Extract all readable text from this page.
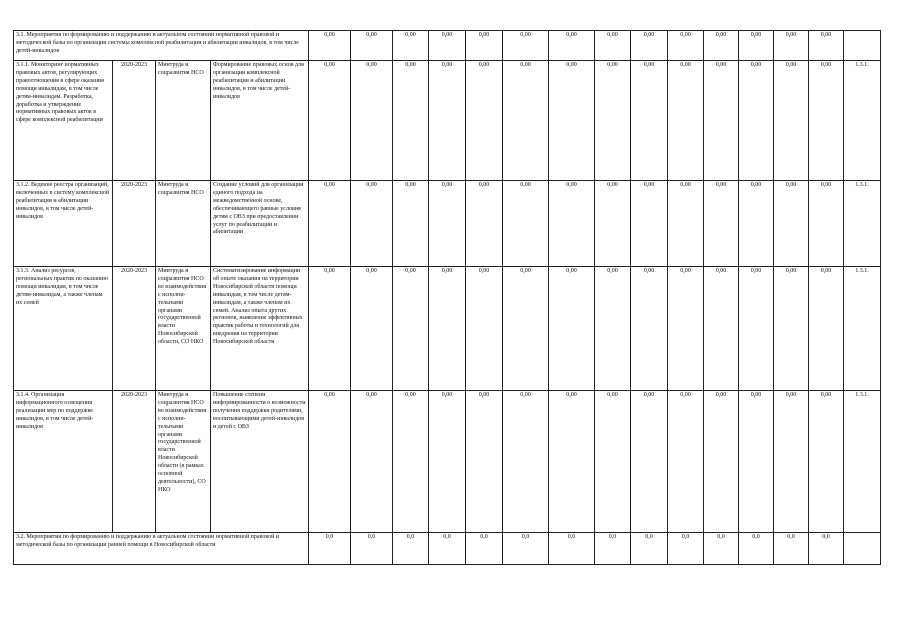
3.1. Мероприятия по формированию и поддержанию в актуальном состоянии нормативной правовой и методической базы по организации системы комплексной реабилитации и абилитации инвалидов, в том числе детей-инвалидов				0,00	0,00	0,00	0,00	0,00	0,00	0,00	0,00	0,00	0,00	0,00	0,00	0,00	0,00	
3.1.1. Мониторинг нормативных правовых актов, регулирующих правоотношения в сфере оказания помощи инвалидам, в том числе детям-инвалидам. Разработка, доработка и утверждение нормативных правовых актов в сфере комплексной реабилитации	2020-2023	Минтруда и соцразвития НСО	Формирование правовых основ для организации комплексной реабилитации и абилитации инвалидов, в том числе детей-инвалидов	0,00	0,00	0,00	0,00	0,00	0,00	0,00	0,00	0,00	0,00	0,00	0,00	0,00	0,00	1.3.1.
3.1.2. Ведение реестра организаций, включенных в систему комплексной реабилитации и абилитации инвалидов, в том числе детей-инвалидов	2020-2023	Минтруда и соцразвития НСО	Создание условий для организации единого подхода на межведомственной основе, обеспечивающего равные условия детям с ОВЗ при предоставлении услуг по реабилитации и абилитации	0,00	0,00	0,00	0,00	0,00	0,00	0,00	0,00	0,00	0,00	0,00	0,00	0,00	0,00	1.3.1.
3.1.3. Анализ ресурсов, региональных практик по оказанию помощи инвалидам, в том числе детям-инвалидам, а также членам их семей	2020-2023	Минтруда и соцразвития НСО во взаимодействии с исполни-тельными органами государственной власти Новосибирской области, СО НКО	Систематизирование информации об опыте оказания на территории Новосибирской области помощи инвалидам, в том числе детям-инвалидам, а также членам их семей. Анализ опыта других регионов, выявление эффективных практик работы и технологий для внедрения на территории Новосибирской области	0,00	0,00	0,00	0,00	0,00	0,00	0,00	0,00	0,00	0,00	0,00	0,00	0,00	0,00	1.3.1.
3.1.4. Организация информационного освещения реализации мер по поддержке инвалидов, в том числе детей-инвалидов	2020-2023	Минтруда и соцразвития НСО во взаимодействии с исполни-тельными органами государственной власти Новосибирской области (в рамках основной деятельности), СО НКО	Повышение степени информированности о возможности получения поддержки родителями, воспитывающими детей-инвалидов и детей с ОВЗ	0,00	0,00	0,00	0,00	0,00	0,00	0,00	0,00	0,00	0,00	0,00	0,00	0,00	0,00	1.3.1.
3.2. Мероприятия по формированию и поддержанию в актуальном состоянии нормативной правовой и методической базы по организации ранней помощи в Новосибирской области				0,0	0,0	0,0	0,0	0,0	0,0	0,0	0,0	0,0	0,0	0,0	0,0	0,0	0,0	
